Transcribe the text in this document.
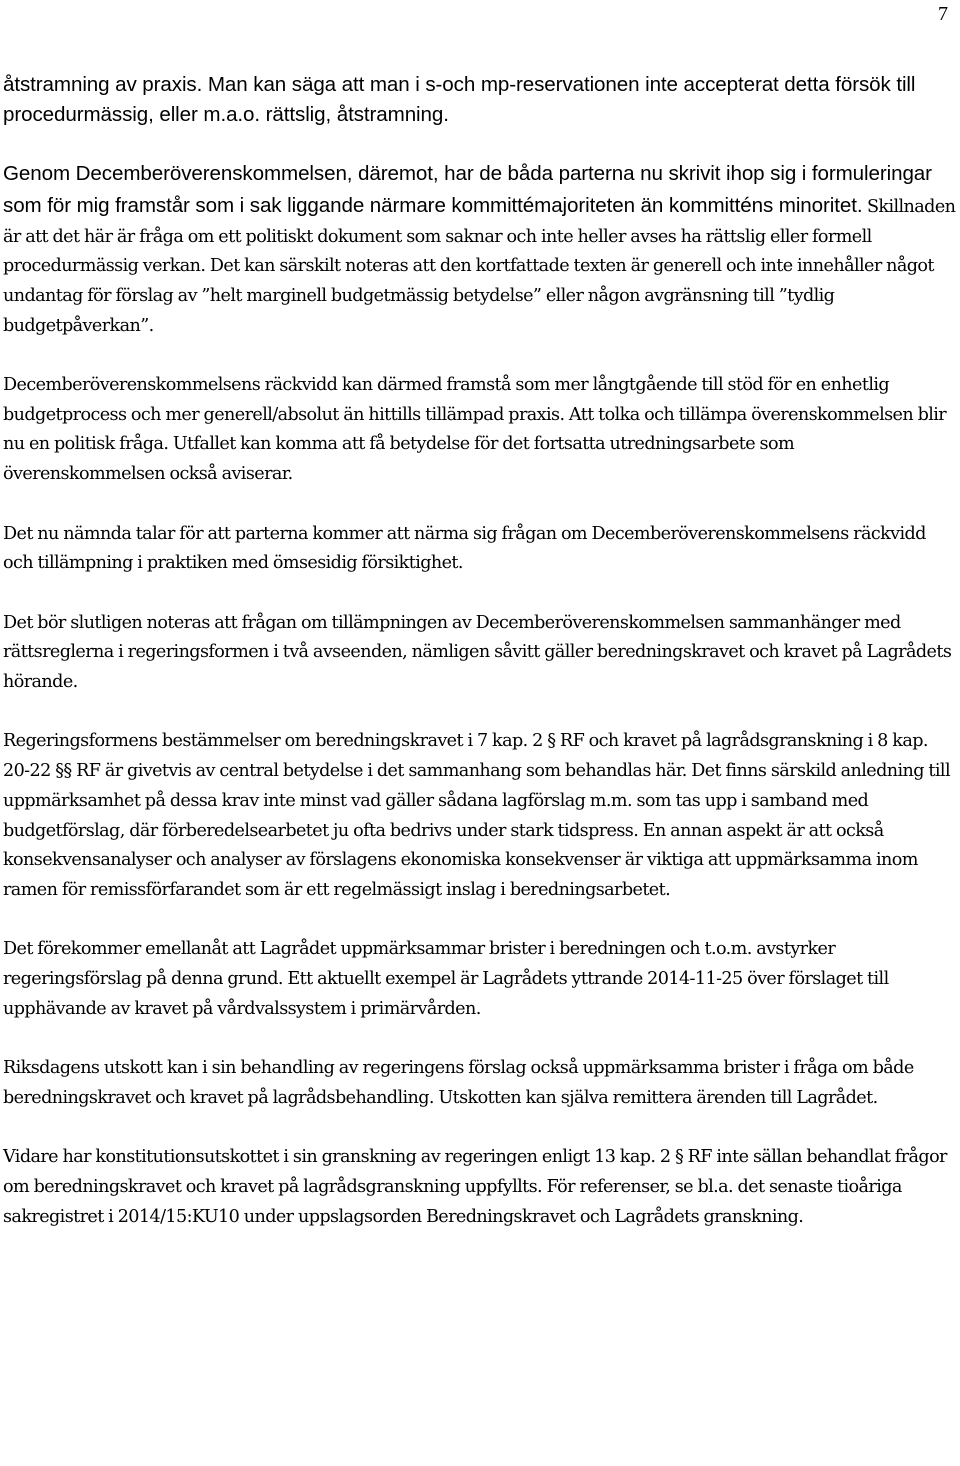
7

åtstramning av praxis. Man kan säga att man i s-och mp-reservationen inte accepterat detta försök till procedurmässig, eller m.a.o. rättslig, åtstramning.

Genom Decemberöverenskommelsen, däremot, har de båda parterna nu skrivit ihop sig i formuleringar som för mig framstår som i sak liggande närmare kommittémajoriteten än kommitténs minoritet. Skillnaden är att det här är fråga om ett politiskt dokument som saknar och inte heller avses ha rättslig eller formell procedurmässig verkan. Det kan särskilt noteras att den kortfattade texten är generell och inte innehåller något undantag för förslag av ”helt marginell budgetmässig betydelse” eller någon avgränsning till ”tydlig budgetpåverkan”.

Decemberöverenskommelsens räckvidd kan därmed framstå som mer långtgående till stöd för en enhetlig budgetprocess och mer generell/absolut än hittills tillämpad praxis. Att tolka och tillämpa överenskommelsen blir nu en politisk fråga. Utfallet kan komma att få betydelse för det fortsatta utredningsarbete som överenskommelsen också aviserar.

Det nu nämnda talar för att parterna kommer att närma sig frågan om Decemberöverenskommelsens räckvidd och tillämpning i praktiken med ömsesidig försiktighet.

Det bör slutligen noteras att frågan om tillämpningen av Decemberöverenskommelsen sammanhänger med rättsreglerna i regeringsformen i två avseenden, nämligen såvitt gäller beredningskravet och kravet på Lagrådets hörande.

Regeringsformens bestämmelser om beredningskravet i 7 kap. 2 § RF och kravet på lagrådsgranskning i 8 kap. 20-22 §§ RF är givetvis av central betydelse i det sammanhang som behandlas här. Det finns särskild anledning till uppmärksamhet på dessa krav inte minst vad gäller sådana lagförslag m.m. som tas upp i samband med budgetförslag, där förberedelsearbetet ju ofta bedrivs under stark tidspress. En annan aspekt är att också konsekvensanalyser och analyser av förslagens ekonomiska konsekvenser är viktiga att uppmärksamma inom ramen för remissförfarandet som är ett regelmässigt inslag i beredningsarbetet.

Det förekommer emellanåt att Lagrådet uppmärksammar brister i beredningen och t.o.m. avstyrker regeringsförslag på denna grund. Ett aktuellt exempel är Lagrådets yttrande 2014-11-25 över förslaget till upphävande av kravet på vårdvalssystem i primärvården.

Riksdagens utskott kan i sin behandling av regeringens förslag också uppmärksamma brister i fråga om både beredningskravet och kravet på lagrådsbehandling. Utskotten kan själva remittera ärenden till Lagrådet.

Vidare har konstitutionsutskottet i sin granskning av regeringen enligt 13 kap. 2 § RF inte sällan behandlat frågor om beredningskravet och kravet på lagrådsgranskning uppfyllts. För referenser, se bl.a. det senaste tioåriga sakregistret i 2014/15:KU10 under uppslagsorden Beredningskravet och Lagrådets granskning.
